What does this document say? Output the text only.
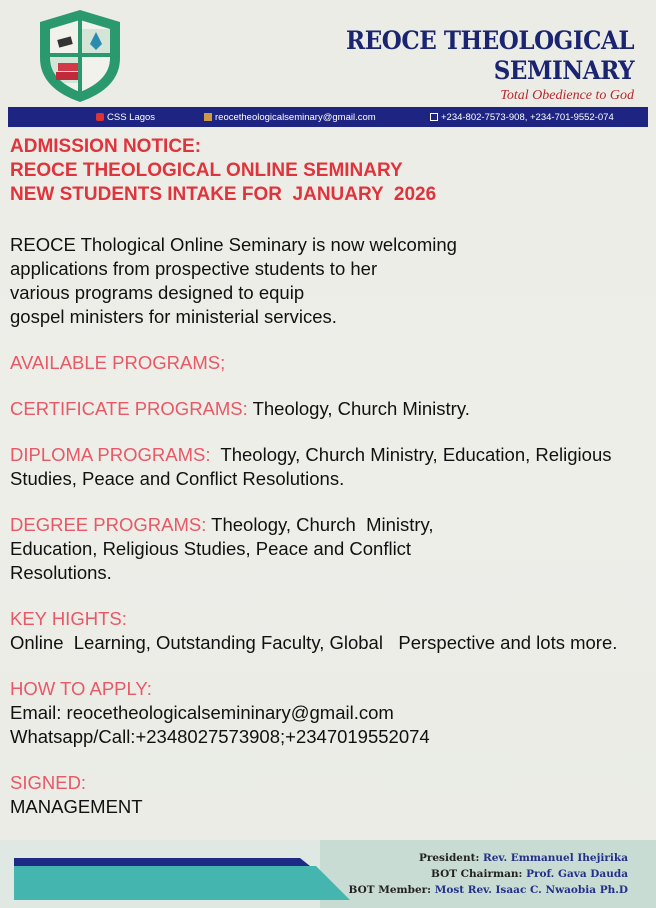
REOCE THEOLOGICAL
SEMINARY
Total Obedience to God
CSS Lagos	reocetheologicalseminary@gmail.com	+234-802-7573-908, +234-701-9552-074
ADMISSION NOTICE:
REOCE THEOLOGICAL ONLINE SEMINARY
NEW STUDENTS INTAKE FOR  JANUARY  2026
REOCE Thological Online Seminary is now welcoming
applications from prospective students to her
various programs designed to equip
gospel ministers for ministerial services.
AVAILABLE PROGRAMS;
CERTIFICATE PROGRAMS: Theology, Church Ministry.
DIPLOMA PROGRAMS:  Theology, Church Ministry, Education, Religious Studies, Peace and Conflict Resolutions.
DEGREE PROGRAMS: Theology, Church  Ministry, Education, Religious Studies, Peace and Conflict Resolutions.
KEY HIGHTS:
Online  Learning, Outstanding Faculty, Global   Perspective and lots more.
HOW TO APPLY:
Email: reocetheologicalsemininary@gmail.com
Whatsapp/Call:+2348027573908;+2347019552074
SIGNED:
MANAGEMENT
President: Rev. Emmanuel Ihejirika
BOT Chairman: Prof. Gava Dauda
BOT Member: Most Rev. Isaac C. Nwaobia Ph.D
